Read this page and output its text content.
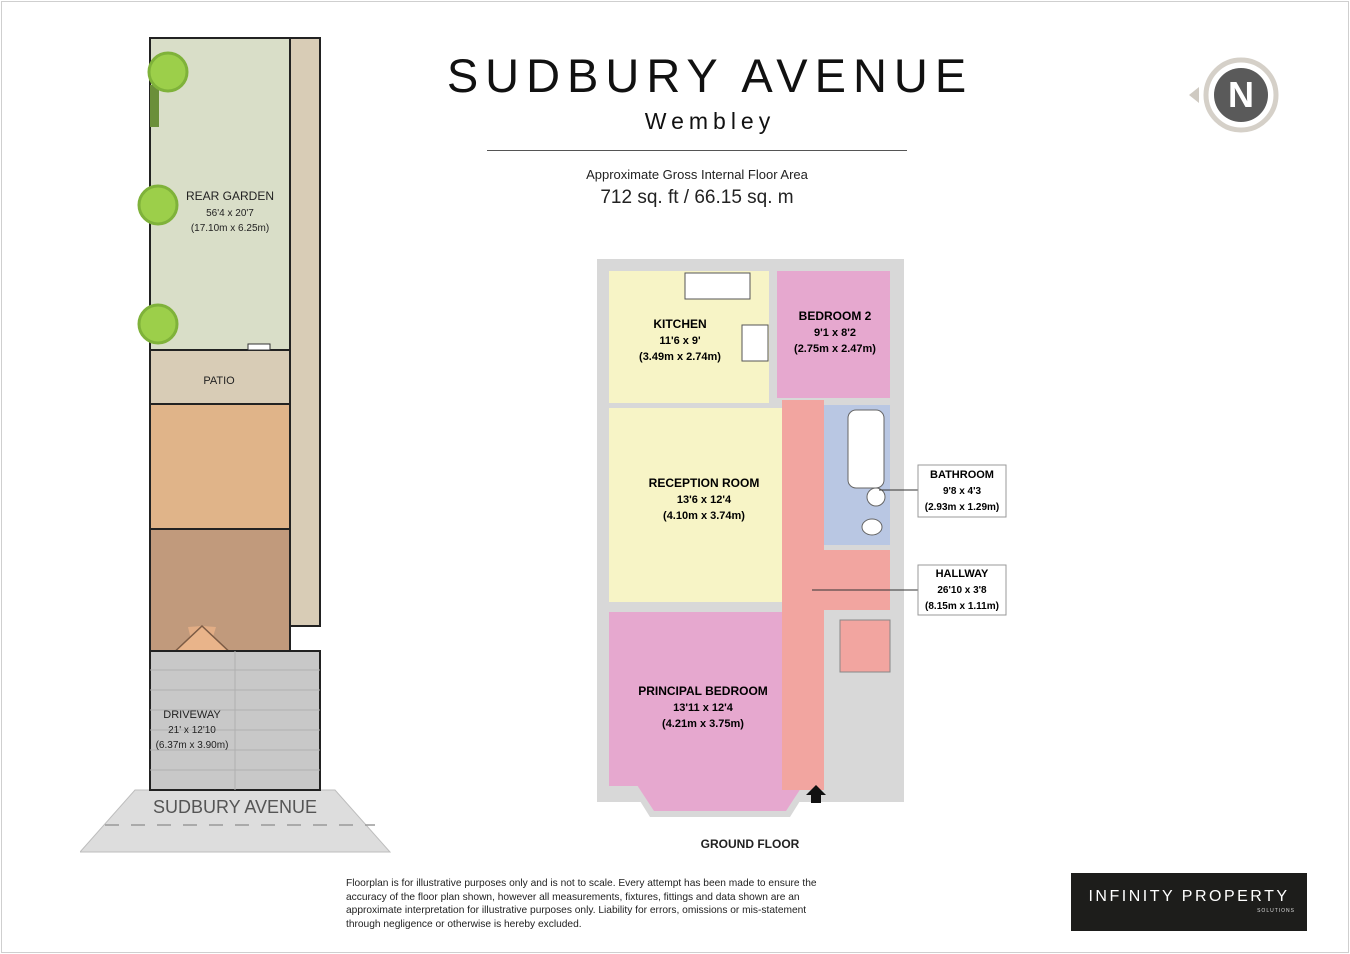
SUDBURY AVENUE
Wembley
Approximate Gross Internal Floor Area
712 sq. ft / 66.15 sq. m
N
SUDBURY AVENUE
REAR GARDEN
56'4 x 20'7
(17.10m x 6.25m)
PATIO
DRIVEWAY
21' x 12'10
(6.37m x 3.90m)
KITCHEN
11'6 x 9'
(3.49m x 2.74m)
BEDROOM 2
9'1 x 8'2
(2.75m x 2.47m)
RECEPTION ROOM
13'6 x 12'4
(4.10m x 3.74m)
PRINCIPAL BEDROOM
13'11 x 12'4
(4.21m x 3.75m)
BATHROOM
9'8 x 4'3
(2.93m x 1.29m)
HALLWAY
26'10 x 3'8
(8.15m x 1.11m)
GROUND FLOOR
Floorplan is for illustrative purposes only and is not to scale. Every attempt has been made to ensure the
accuracy of the floor plan shown, however all measurements, fixtures, fittings and data shown are an
approximate interpretation for illustrative purposes only. Liability for errors, omissions or mis-statement
through negligence or otherwise is hereby excluded.
INFINITY PROPERTY
SOLUTIONS
